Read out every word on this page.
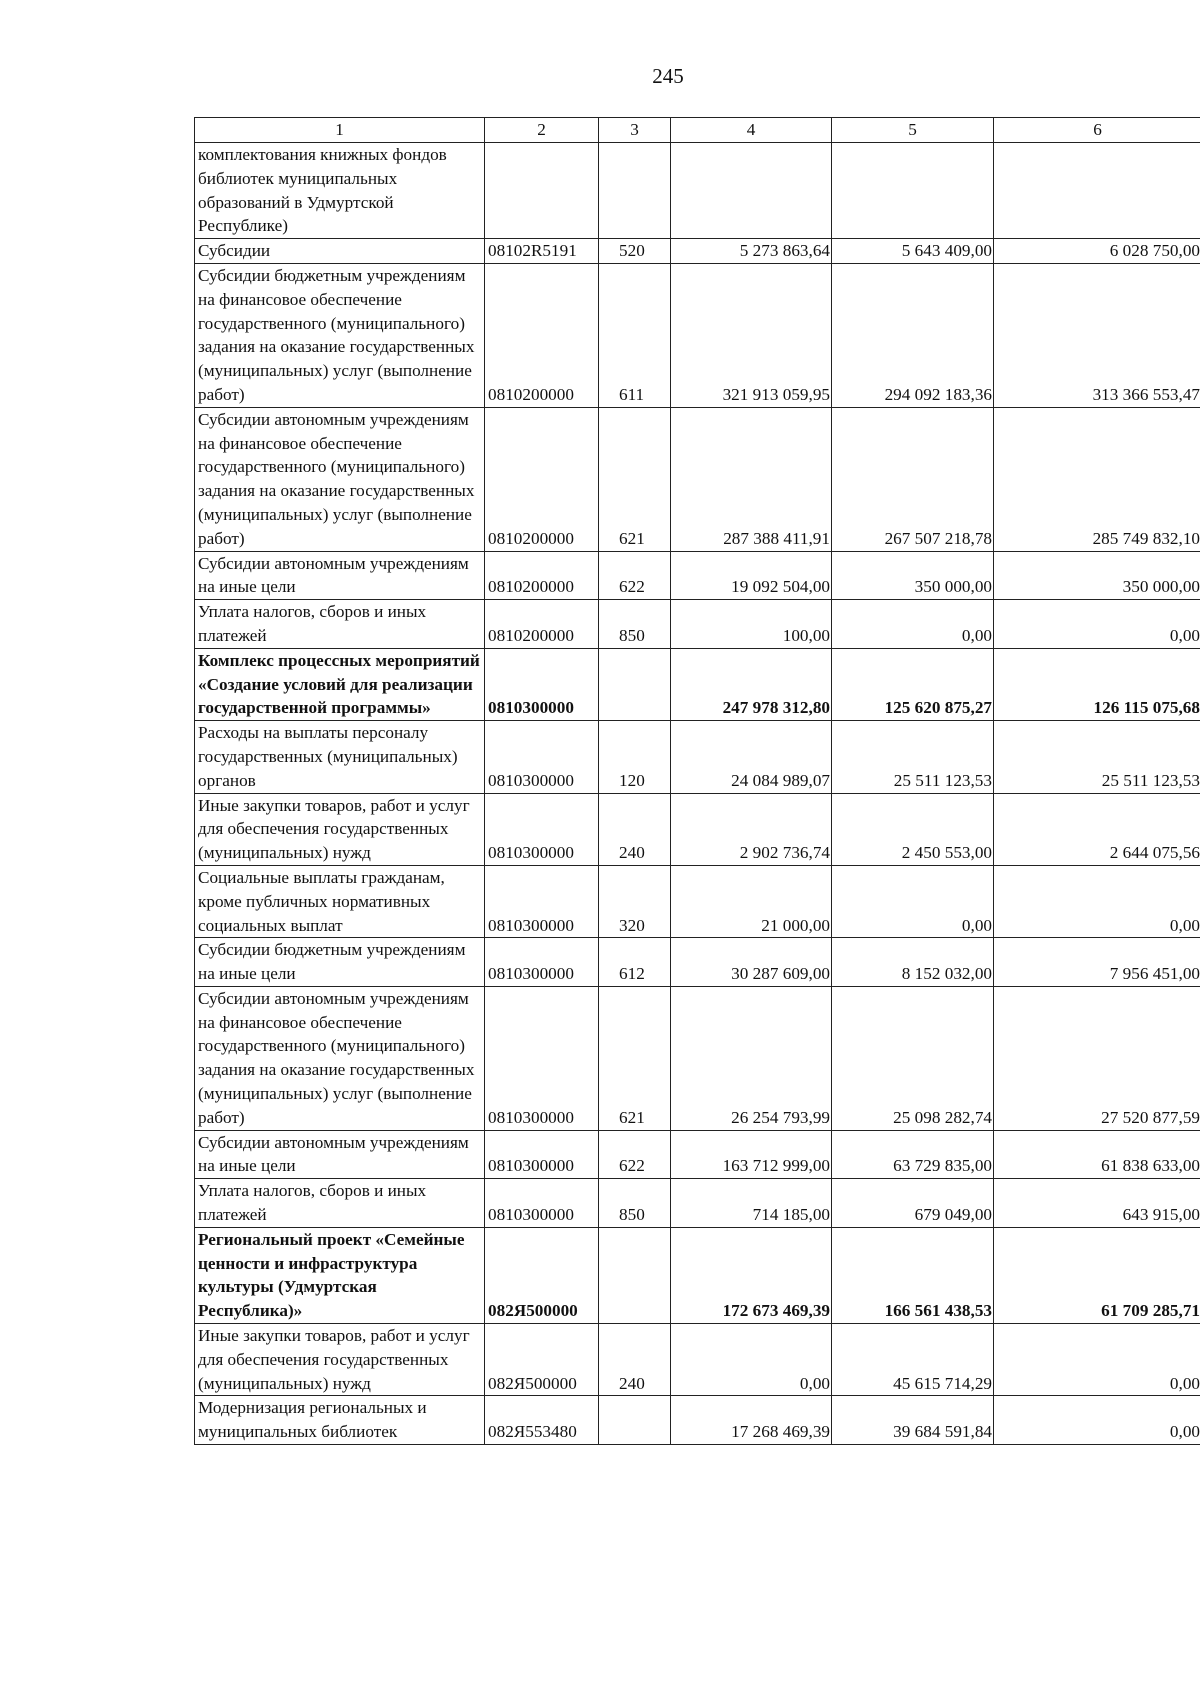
245
1	2	3	4	5	6
комплектования книжных фондов библиотек муниципальных образований в Удмуртской Республике)					
Субсидии	08102R5191	520	5 273 863,64	5 643 409,00	6 028 750,00
Субсидии бюджетным учреждениям на финансовое обеспечение государственного (муниципального) задания на оказание государственных (муниципальных) услуг (выполнение работ)	0810200000	611	321 913 059,95	294 092 183,36	313 366 553,47
Субсидии автономным учреждениям на финансовое обеспечение государственного (муниципального) задания на оказание государственных (муниципальных) услуг (выполнение работ)	0810200000	621	287 388 411,91	267 507 218,78	285 749 832,10
Субсидии автономным учреждениям на иные цели	0810200000	622	19 092 504,00	350 000,00	350 000,00
Уплата налогов, сборов и иных платежей	0810200000	850	100,00	0,00	0,00
Комплекс процессных мероприятий «Создание условий для реализации государственной программы»	0810300000		247 978 312,80	125 620 875,27	126 115 075,68
Расходы на выплаты персоналу государственных (муниципальных) органов	0810300000	120	24 084 989,07	25 511 123,53	25 511 123,53
Иные закупки товаров, работ и услуг для обеспечения государственных (муниципальных) нужд	0810300000	240	2 902 736,74	2 450 553,00	2 644 075,56
Социальные выплаты гражданам, кроме публичных нормативных социальных выплат	0810300000	320	21 000,00	0,00	0,00
Субсидии бюджетным учреждениям на иные цели	0810300000	612	30 287 609,00	8 152 032,00	7 956 451,00
Субсидии автономным учреждениям на финансовое обеспечение государственного (муниципального) задания на оказание государственных (муниципальных) услуг (выполнение работ)	0810300000	621	26 254 793,99	25 098 282,74	27 520 877,59
Субсидии автономным учреждениям на иные цели	0810300000	622	163 712 999,00	63 729 835,00	61 838 633,00
Уплата налогов, сборов и иных платежей	0810300000	850	714 185,00	679 049,00	643 915,00
Региональный проект «Семейные ценности и инфраструктура культуры (Удмуртская Республика)»	082Я500000		172 673 469,39	166 561 438,53	61 709 285,71
Иные закупки товаров, работ и услуг для обеспечения государственных (муниципальных) нужд	082Я500000	240	0,00	45 615 714,29	0,00
Модернизация региональных и муниципальных библиотек	082Я553480		17 268 469,39	39 684 591,84	0,00
